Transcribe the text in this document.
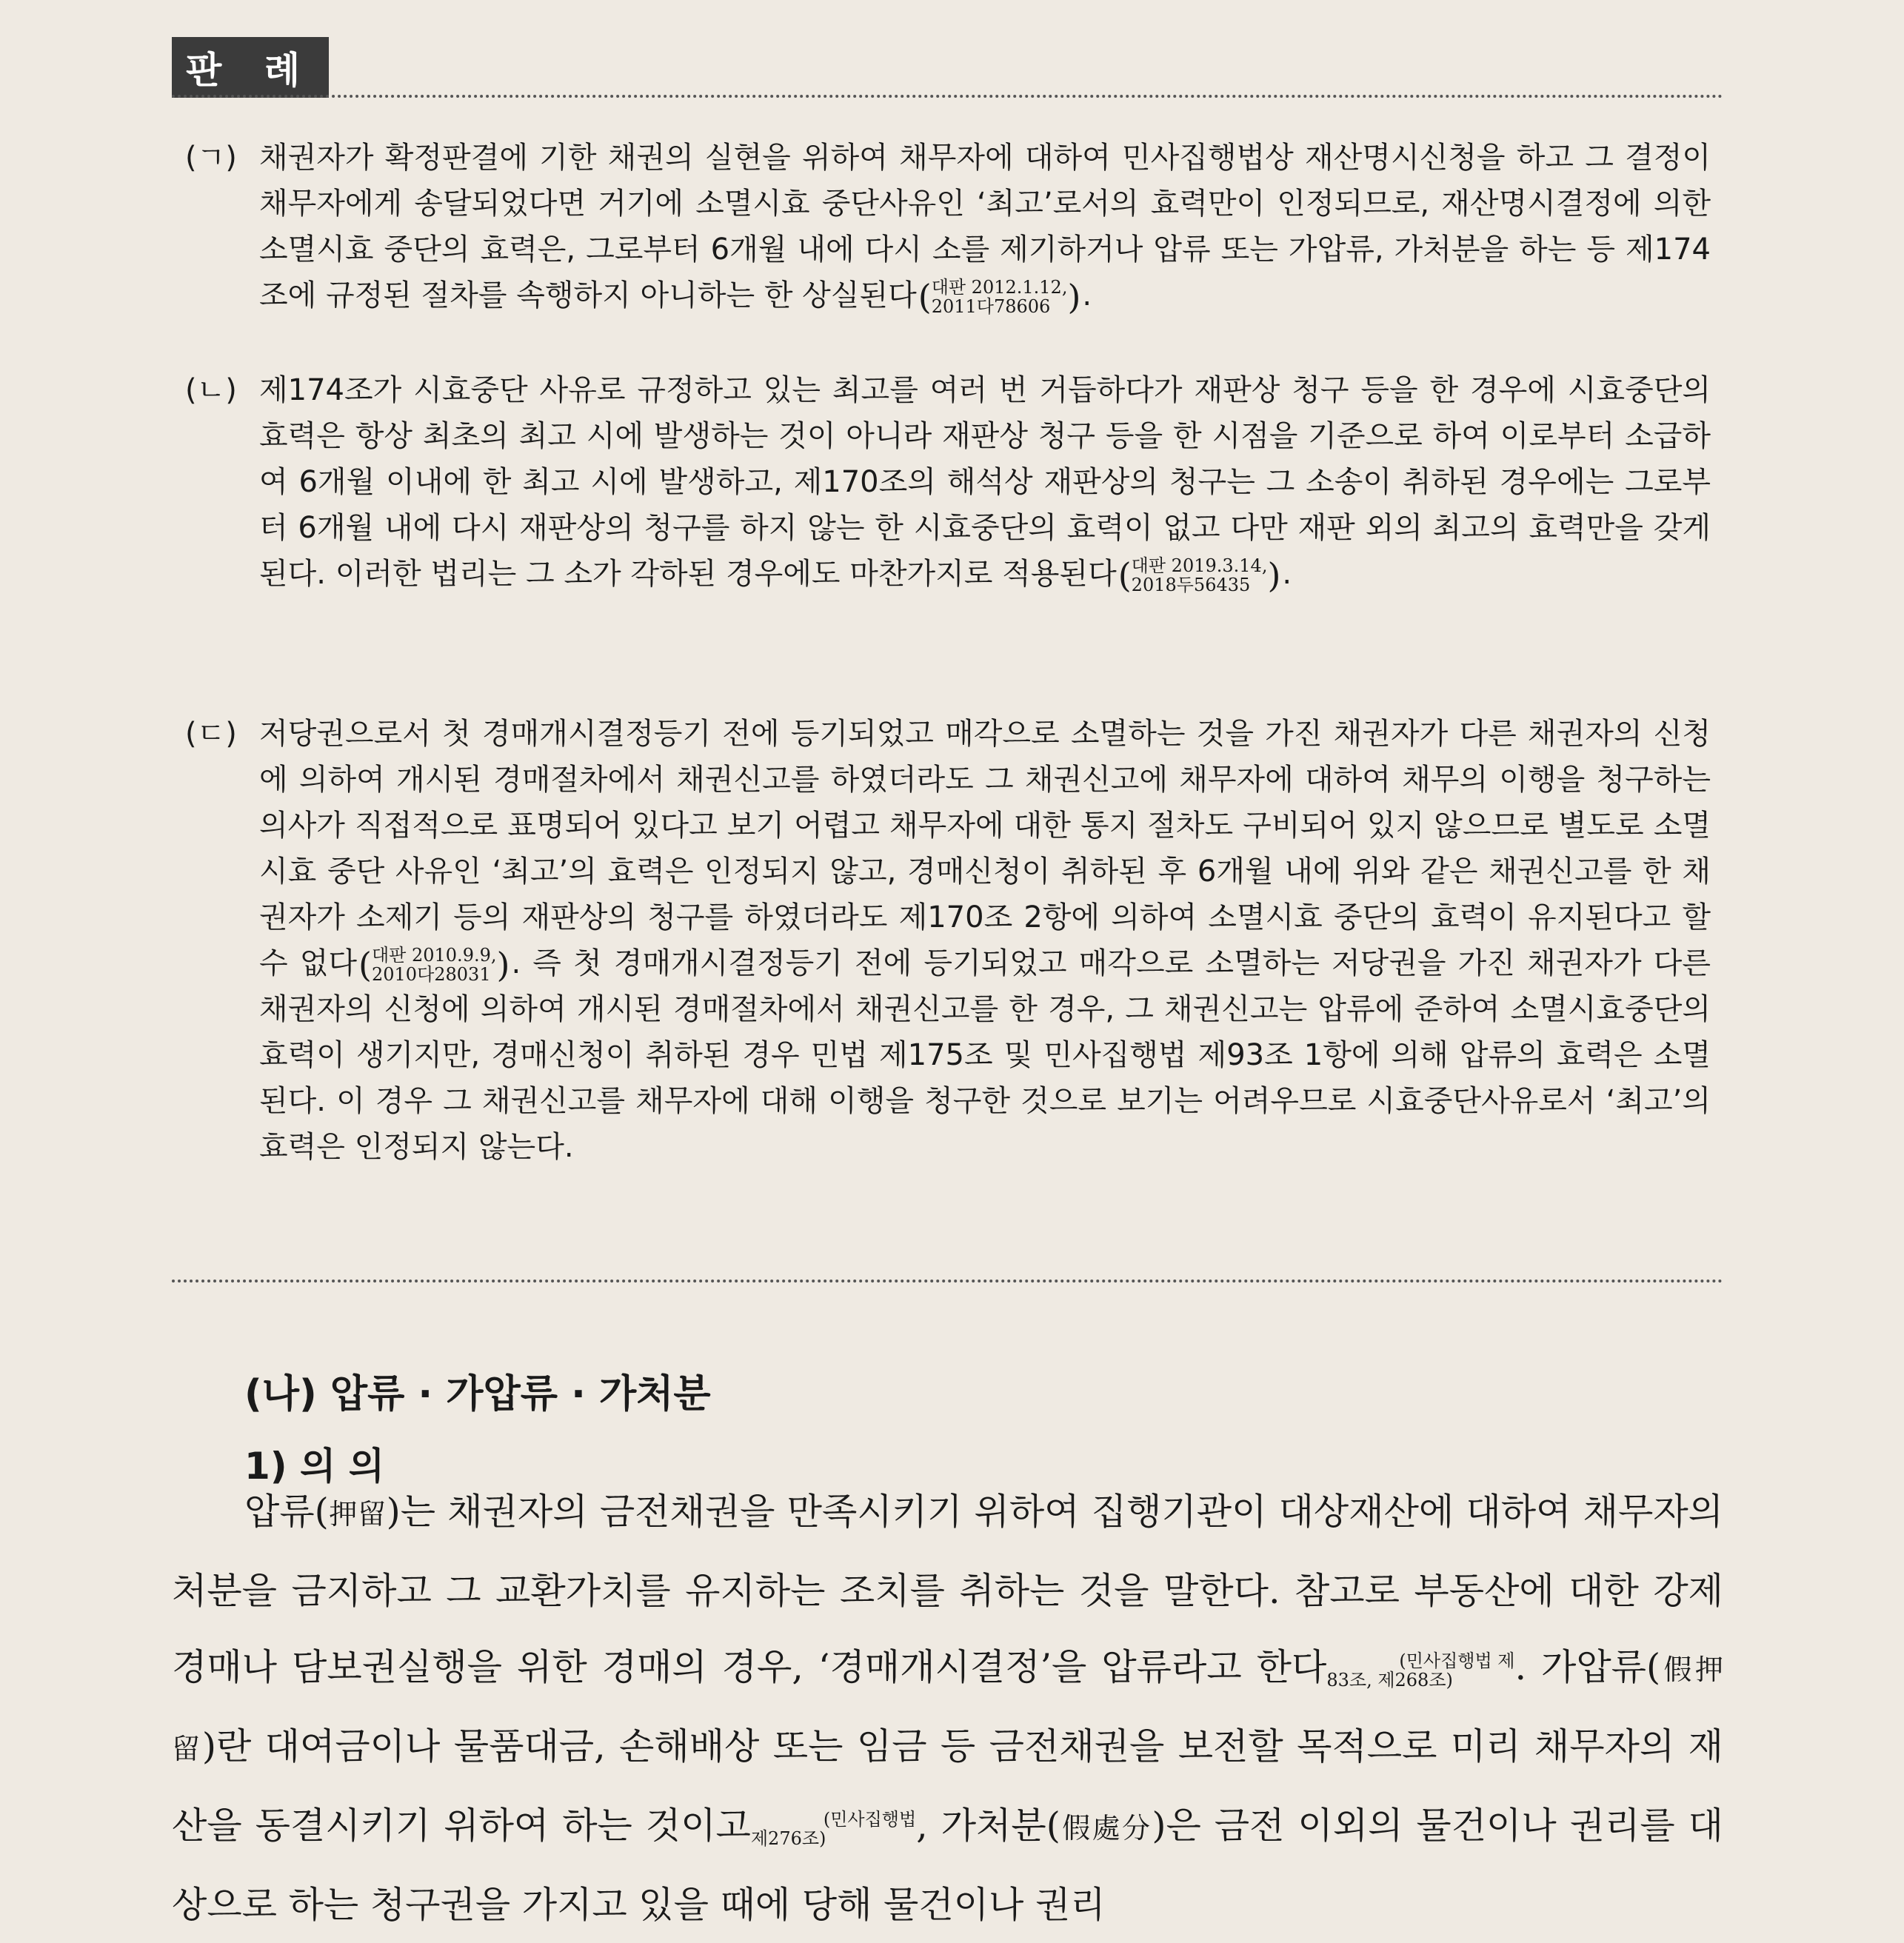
판 례
(ㄱ) 채권자가 확정판결에 기한 채권의 실현을 위하여 채무자에 대하여 민사집행법상 재산명시신청을 하고 그 결정이 채무자에게 송달되었다면 거기에 소멸시효 중단사유인 ‘최고’로서의 효력만이 인정되므로, 재산명시결정에 의한 소멸시효 중단의 효력은, 그로부터 6개월 내에 다시 소를 제기하거나 압류 또는 가압류, 가처분을 하는 등 제174조에 규정된 절차를 속행하지 아니하는 한 상실된다(대판 2012.1.12,
2011다78606 ).
(ㄴ) 제174조가 시효중단 사유로 규정하고 있는 최고를 여러 번 거듭하다가 재판상 청구 등을 한 경우에 시효중단의 효력은 항상 최초의 최고 시에 발생하는 것이 아니라 재판상 청구 등을 한 시점을 기준으로 하여 이로부터 소급하여 6개월 이내에 한 최고 시에 발생하고, 제170조의 해석상 재판상의 청구는 그 소송이 취하된 경우에는 그로부터 6개월 내에 다시 재판상의 청구를 하지 않는 한 시효중단의 효력이 없고 다만 재판 외의 최고의 효력만을 갖게 된다. 이러한 법리는 그 소가 각하된 경우에도 마찬가지로 적용된다(대판 2019.3.14,
2018두56435 ).
(ㄷ) 저당권으로서 첫 경매개시결정등기 전에 등기되었고 매각으로 소멸하는 것을 가진 채권자가 다른 채권자의 신청에 의하여 개시된 경매절차에서 채권신고를 하였더라도 그 채권신고에 채무자에 대하여 채무의 이행을 청구하는 의사가 직접적으로 표명되어 있다고 보기 어렵고 채무자에 대한 통지 절차도 구비되어 있지 않으므로 별도로 소멸시효 중단 사유인 ‘최고’의 효력은 인정되지 않고, 경매신청이 취하된 후 6개월 내에 위와 같은 채권신고를 한 채권자가 소제기 등의 재판상의 청구를 하였더라도 제170조 2항에 의하여 소멸시효 중단의 효력이 유지된다고 할 수 없다(대판 2010.9.9,
2010다28031 ). 즉 첫 경매개시결정등기 전에 등기되었고 매각으로 소멸하는 저당권을 가진 채권자가 다른 채권자의 신청에 의하여 개시된 경매절차에서 채권신고를 한 경우, 그 채권신고는 압류에 준하여 소멸시효중단의 효력이 생기지만, 경매신청이 취하된 경우 민법 제175조 및 민사집행법 제93조 1항에 의해 압류의 효력은 소멸된다. 이 경우 그 채권신고를 채무자에 대해 이행을 청구한 것으로 보기는 어려우므로 시효중단사유로서 ‘최고’의 효력은 인정되지 않는다.
(나) 압류 · 가압류 · 가처분
1) 의 의
압류(押留)는 채권자의 금전채권을 만족시키기 위하여 집행기관이 대상재산에 대하여 채무자의 처분을 금지하고 그 교환가치를 유지하는 조치를 취하는 것을 말한다. 참고로 부동산에 대한 강제경매나 담보권실행을 위한 경매의 경우, ‘경매개시결정’을 압류라고 한다	(민사집행법 제
83조, 제268조) . 가압류(假押留)란 대여금이나 물품대금, 손해배상 또는 임금 등 금전채권을 보전할 목적으로 미리 채무자의 재산을 동결시키기 위하여 하는 것이고	(민사집행법
제276조) , 가처분(假處分)은 금전 이외의 물건이나 권리를 대상으로 하는 청구권을 가지고 있을 때에 당해 물건이나 권리
